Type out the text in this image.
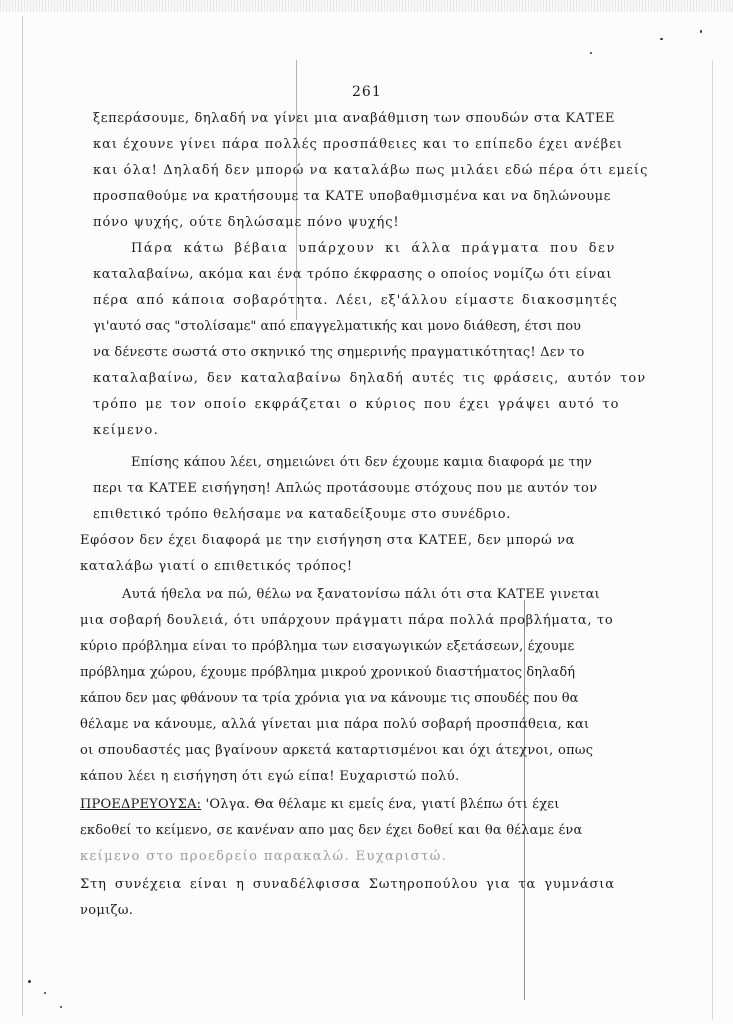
261
ξεπεράσουμε, δηλαδή να γίνει μια αναβάθμιση των σπουδών στα ΚΑΤΕΕ
και έχουνε γίνει πάρα πολλές προσπάθειες και το επίπεδο έχει ανέβει
και όλα! Δηλαδή δεν μπορώ να καταλάβω πως μιλάει εδώ πέρα ότι εμείς
προσπαθούμε να κρατήσουμε τα ΚΑΤΕ υποβαθμισμένα και να δηλώνουμε
πόνο ψυχής, ούτε δηλώσαμε πόνο ψυχής!
Πάρα κάτω βέβαια υπάρχουν κι άλλα πράγματα που δεν
καταλαβαίνω, ακόμα και ένα τρόπο έκφρασης ο οποίος νομίζω ότι είναι
πέρα από κάποια σοβαρότητα. Λέει, εξ'άλλου είμαστε διακοσμητές
γι'αυτό σας "στολίσαμε" από επαγγελματικής και μονο διάθεση, έτσι που
να δένεστε σωστά στο σκηνικό της σημερινής πραγματικότητας! Δεν το
καταλαβαίνω, δεν καταλαβαίνω δηλαδή αυτές τις φράσεις, αυτόν τον
τρόπο με τον οποίο εκφράζεται ο κύριος που έχει γράψει αυτό το
κείμενο.
Επίσης κάπου λέει, σημειώνει ότι δεν έχουμε καμια διαφορά με την
περι τα ΚΑΤΕΕ εισήγηση! Απλώς προτάσουμε στόχους που με αυτόν τον
επιθετικό τρόπο θελήσαμε να καταδείξουμε στο συνέδριο.
Εφόσον δεν έχει διαφορά με την εισήγηση στα ΚΑΤΕΕ, δεν μπορώ να
καταλάβω γιατί ο επιθετικός τρόπος!
Αυτά ήθελα να πώ, θέλω να ξανατονίσω πάλι ότι στα ΚΑΤΕΕ γινεται
μια σοβαρή δουλειά, ότι υπάρχουν πράγματι πάρα πολλά προβλήματα, το
κύριο πρόβλημα είναι το πρόβλημα των εισαγωγικών εξετάσεων, έχουμε
πρόβλημα χώρου, έχουμε πρόβλημα μικρού χρονικού διαστήματος δηλαδή
κάπου δεν μας φθάνουν τα τρία χρόνια για να κάνουμε τις σπουδές που θα
θέλαμε να κάνουμε, αλλά γίνεται μια πάρα πολύ σοβαρή προσπάθεια, και
οι σπουδαστές μας βγαίνουν αρκετά καταρτισμένοι και όχι άτεχνοι, οπως
κάπου λέει η εισήγηση ότι εγώ είπα! Ευχαριστώ πολύ.
ΠΡΟΕΔΡΕΥΟΥΣΑ: 'Ολγα. Θα θέλαμε κι εμείς ένα, γιατί βλέπω ότι έχει
εκδοθεί το κείμενο, σε κανέναν απο μας δεν έχει δοθεί και θα θέλαμε ένα
κείμενο στο προεδρείο παρακαλώ. Ευχαριστώ.
Στη συνέχεια είναι η συναδέλφισσα Σωτηροπούλου για τα γυμνάσια
νομιζω.
